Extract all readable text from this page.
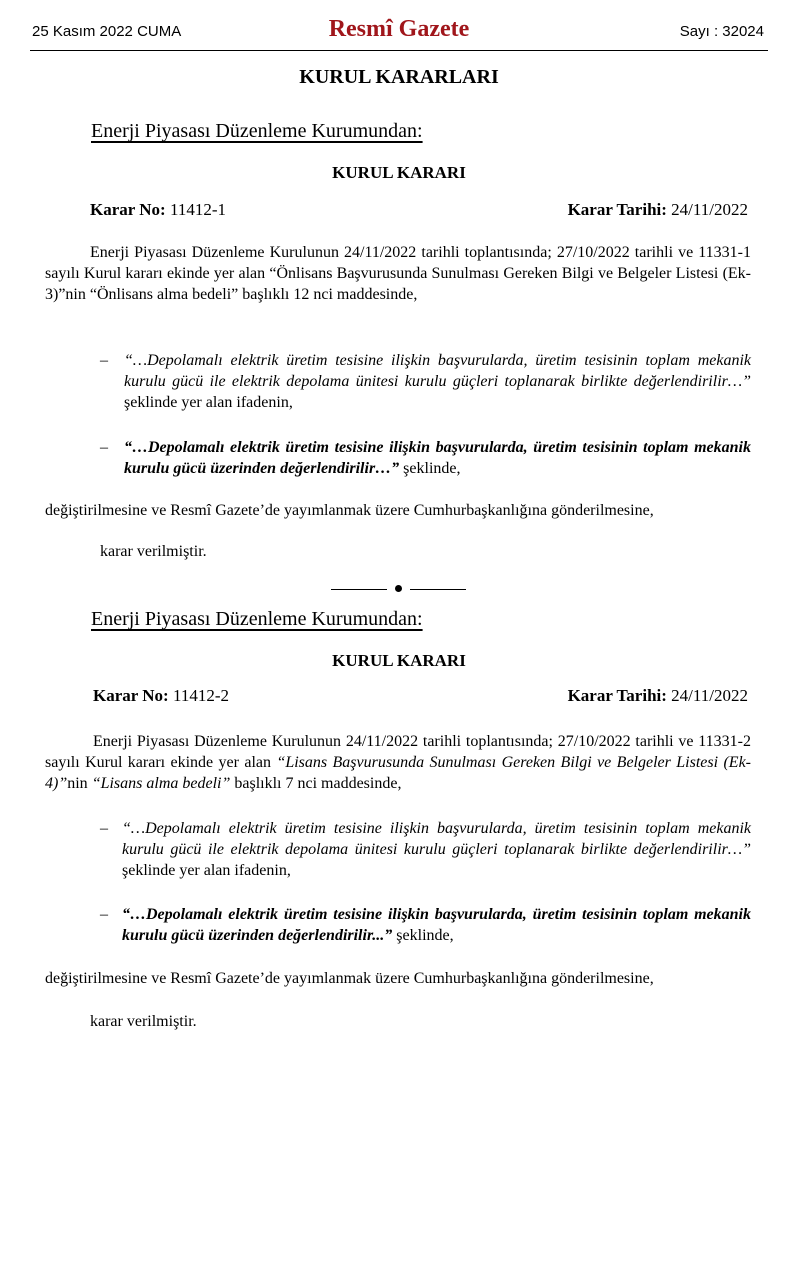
25 Kasım 2022 CUMA	Resmî Gazete	Sayı : 32024
KURUL KARARLARI
Enerji Piyasası Düzenleme Kurumundan:
KURUL KARARI
Karar No: 11412-1	Karar Tarihi: 24/11/2022

Enerji Piyasası Düzenleme Kurulunun 24/11/2022 tarihli toplantısında; 27/10/2022 tarihli ve 11331-1 sayılı Kurul kararı ekinde yer alan “Önlisans Başvurusunda Sunulması Gereken Bilgi ve Belgeler Listesi (Ek-3)”nin “Önlisans alma bedeli” başlıklı 12 nci maddesinde,

–	“…Depolamalı elektrik üretim tesisine ilişkin başvurularda, üretim tesisinin toplam mekanik kurulu gücü ile elektrik depolama ünitesi kurulu güçleri toplanarak birlikte değerlendirilir…” şeklinde yer alan ifadenin,

–	“…Depolamalı elektrik üretim tesisine ilişkin başvurularda, üretim tesisinin toplam mekanik kurulu gücü üzerinden değerlendirilir…” şeklinde,

değiştirilmesine ve Resmî Gazete’de yayımlanmak üzere Cumhurbaşkanlığına gönderilmesine,

karar verilmiştir.
Enerji Piyasası Düzenleme Kurumundan:
KURUL KARARI
Karar No: 11412-2	Karar Tarihi: 24/11/2022

Enerji Piyasası Düzenleme Kurulunun 24/11/2022 tarihli toplantısında; 27/10/2022 tarihli ve 11331-2 sayılı Kurul kararı ekinde yer alan “Lisans Başvurusunda Sunulması Gereken Bilgi ve Belgeler Listesi (Ek-4)”nin “Lisans alma bedeli” başlıklı 7 nci maddesinde,

– “…Depolamalı elektrik üretim tesisine ilişkin başvurularda, üretim tesisinin toplam mekanik kurulu gücü ile elektrik depolama ünitesi kurulu güçleri toplanarak birlikte değerlendirilir…” şeklinde yer alan ifadenin,

– “…Depolamalı elektrik üretim tesisine ilişkin başvurularda, üretim tesisinin toplam mekanik kurulu gücü üzerinden değerlendirilir...” şeklinde,

değiştirilmesine ve Resmî Gazete’de yayımlanmak üzere Cumhurbaşkanlığına gönderilmesine,

karar verilmiştir.
